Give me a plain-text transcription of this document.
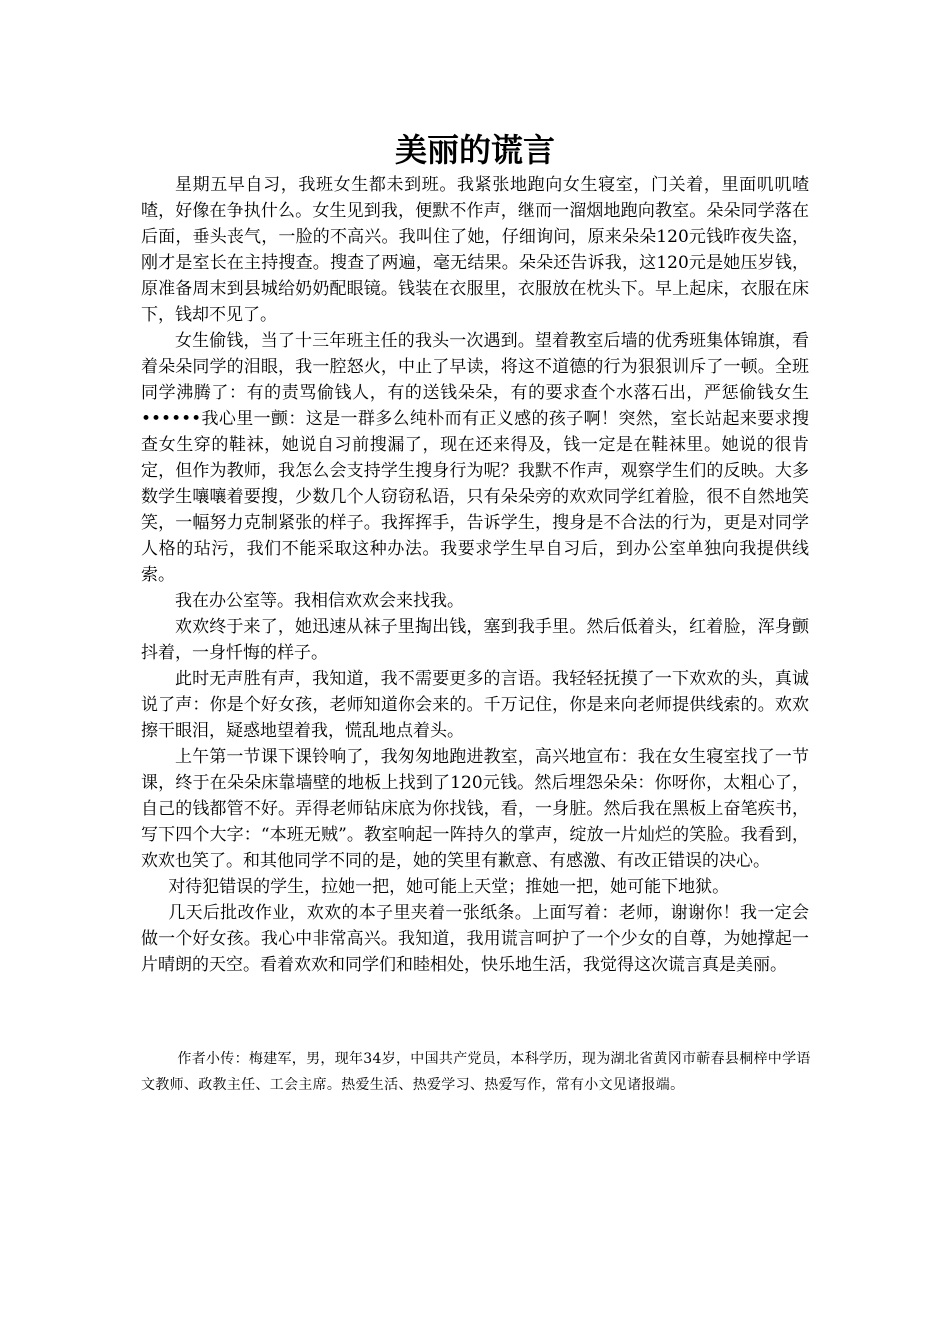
美丽的谎言

星期五早自习，我班女生都未到班。我紧张地跑向女生寝室，门关着，里面叽叽喳喳，好像在争执什么。女生见到我，便默不作声，继而一溜烟地跑向教室。朵朵同学落在后面，垂头丧气，一脸的不高兴。我叫住了她，仔细询问，原来朵朵120元钱昨夜失盗，刚才是室长在主持搜查。搜查了两遍，毫无结果。朵朵还告诉我，这120元是她压岁钱，原准备周末到县城给奶奶配眼镜。钱装在衣服里，衣服放在枕头下。早上起床，衣服在床下，钱却不见了。

女生偷钱，当了十三年班主任的我头一次遇到。望着教室后墙的优秀班集体锦旗，看着朵朵同学的泪眼，我一腔怒火，中止了早读，将这不道德的行为狠狠训斥了一顿。全班同学沸腾了：有的责骂偷钱人，有的送钱朵朵，有的要求查个水落石出，严惩偷钱女生••••••我心里一颤：这是一群多么纯朴而有正义感的孩子啊！突然，室长站起来要求搜查女生穿的鞋袜，她说自习前搜漏了，现在还来得及，钱一定是在鞋袜里。她说的很肯定，但作为教师，我怎么会支持学生搜身行为呢？我默不作声，观察学生们的反映。大多数学生嚷嚷着要搜，少数几个人窃窃私语，只有朵朵旁的欢欢同学红着脸，很不自然地笑笑，一幅努力克制紧张的样子。我挥挥手，告诉学生，搜身是不合法的行为，更是对同学人格的玷污，我们不能采取这种办法。我要求学生早自习后，到办公室单独向我提供线索。

我在办公室等。我相信欢欢会来找我。

欢欢终于来了，她迅速从袜子里掏出钱，塞到我手里。然后低着头，红着脸，浑身颤抖着，一身忏悔的样子。

此时无声胜有声，我知道，我不需要更多的言语。我轻轻抚摸了一下欢欢的头，真诚说了声：你是个好女孩，老师知道你会来的。千万记住，你是来向老师提供线索的。欢欢擦干眼泪，疑惑地望着我，慌乱地点着头。

上午第一节课下课铃响了，我匆匆地跑进教室，高兴地宣布：我在女生寝室找了一节课，终于在朵朵床靠墙壁的地板上找到了120元钱。然后埋怨朵朵：你呀你，太粗心了，自己的钱都管不好。弄得老师钻床底为你找钱，看，一身脏。然后我在黑板上奋笔疾书，写下四个大字：“本班无贼”。教室响起一阵持久的掌声，绽放一片灿烂的笑脸。我看到，欢欢也笑了。和其他同学不同的是，她的笑里有歉意、有感激、有改正错误的决心。

对待犯错误的学生，拉她一把，她可能上天堂；推她一把，她可能下地狱。

几天后批改作业，欢欢的本子里夹着一张纸条。上面写着：老师，谢谢你！我一定会做一个好女孩。我心中非常高兴。我知道，我用谎言呵护了一个少女的自尊，为她撑起一片晴朗的天空。看着欢欢和同学们和睦相处，快乐地生活，我觉得这次谎言真是美丽。

作者小传：梅建军，男，现年34岁，中国共产党员，本科学历，现为湖北省黄冈市蕲春县桐梓中学语文教师、政教主任、工会主席。热爱生活、热爱学习、热爱写作，常有小文见诸报端。
